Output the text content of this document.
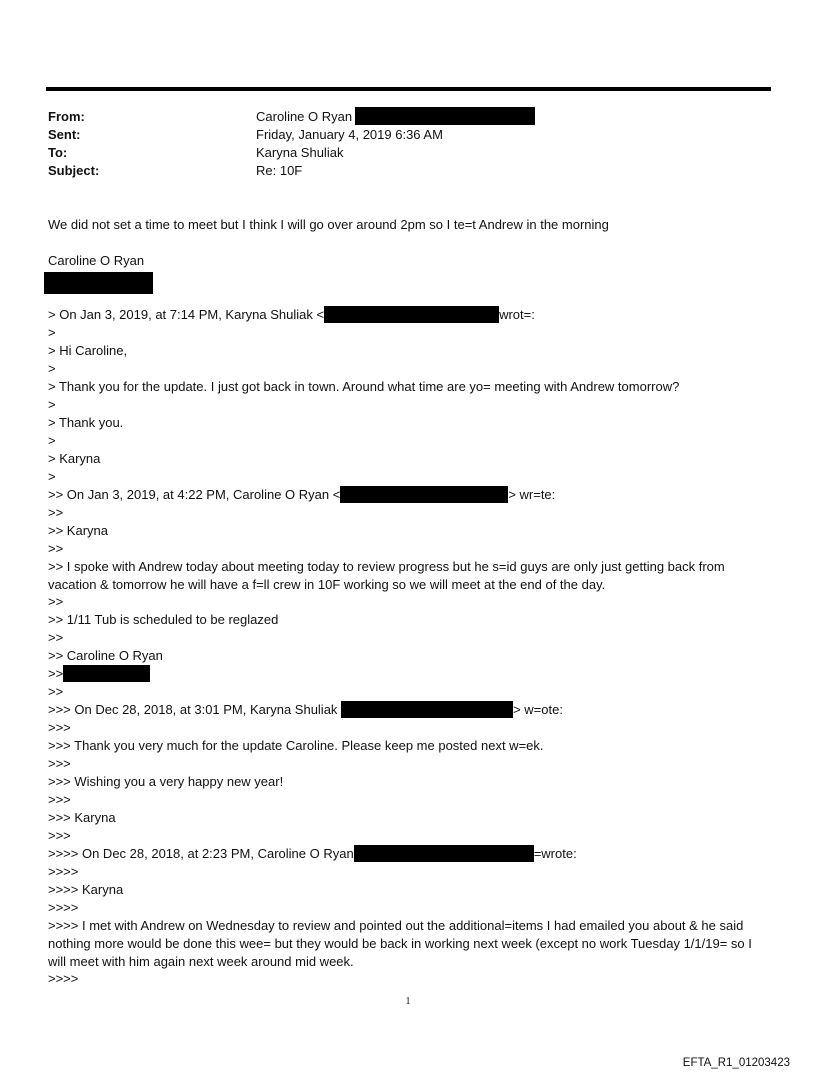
From:	Caroline O Ryan
Sent:	Friday, January 4, 2019 6:36 AM
To:	Karyna Shuliak
Subject:	Re: 10F
We did not set a time to meet but I think I will go over around 2pm so I te=t Andrew in the morning
Caroline O Ryan
> On Jan 3, 2019, at 7:14 PM, Karyna Shuliak <	wrot=:
>
> Hi Caroline,
>
> Thank you for the update. I just got back in town. Around what time are yo= meeting with Andrew tomorrow?
>
> Thank you.
>
> Karyna
>
>> On Jan 3, 2019, at 4:22 PM, Caroline O Ryan <	> wr=te:
>>
>> Karyna
>>
>> I spoke with Andrew today about meeting today to review progress but he s=id guys are only just getting back from vacation & tomorrow he will have a f=ll crew in 10F working so we will meet at the end of the day.
>>
>> 1/11 Tub is scheduled to be reglazed
>>
>> Caroline O Ryan
>>
>>
>>> On Dec 28, 2018, at 3:01 PM, Karyna Shuliak	> w=ote:
>>>
>>> Thank you very much for the update Caroline. Please keep me posted next w=ek.
>>>
>>> Wishing you a very happy new year!
>>>
>>> Karyna
>>>
>>>> On Dec 28, 2018, at 2:23 PM, Caroline O Ryan	=wrote:
>>>>
>>>> Karyna
>>>>
>>>> I met with Andrew on Wednesday to review and pointed out the additional=items I had emailed you about & he said nothing more would be done this wee= but they would be back in working next week (except no work Tuesday 1/1/19= so I will meet with him again next week around mid week.
>>>>
1
EFTA_R1_01203423
